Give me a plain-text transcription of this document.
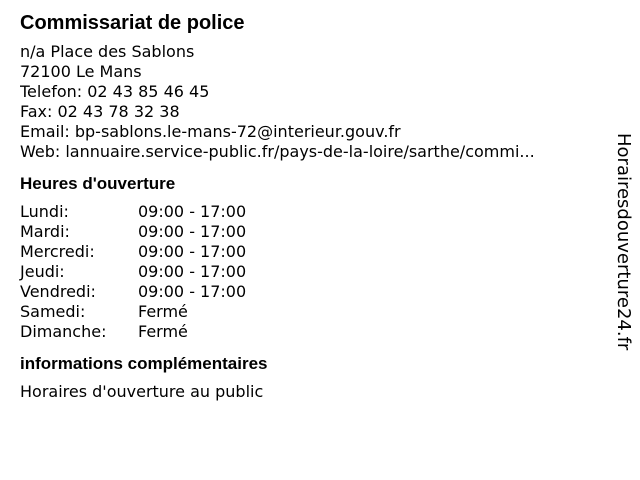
Commissariat de police
n/a Place des Sablons
72100 Le Mans
Telefon: 02 43 85 46 45
Fax: 02 43 78 32 38
Email: bp-sablons.le-mans-72@interieur.gouv.fr
Web: lannuaire.service-public.fr/pays-de-la-loire/sarthe/commi...
Heures d'ouverture
Lundi:	09:00 - 17:00
Mardi:	09:00 - 17:00
Mercredi:	09:00 - 17:00
Jeudi:	09:00 - 17:00
Vendredi:	09:00 - 17:00
Samedi:	Fermé
Dimanche:	Fermé
informations complémentaires
Horaires d'ouverture au public
Horairesdouverture24.fr
